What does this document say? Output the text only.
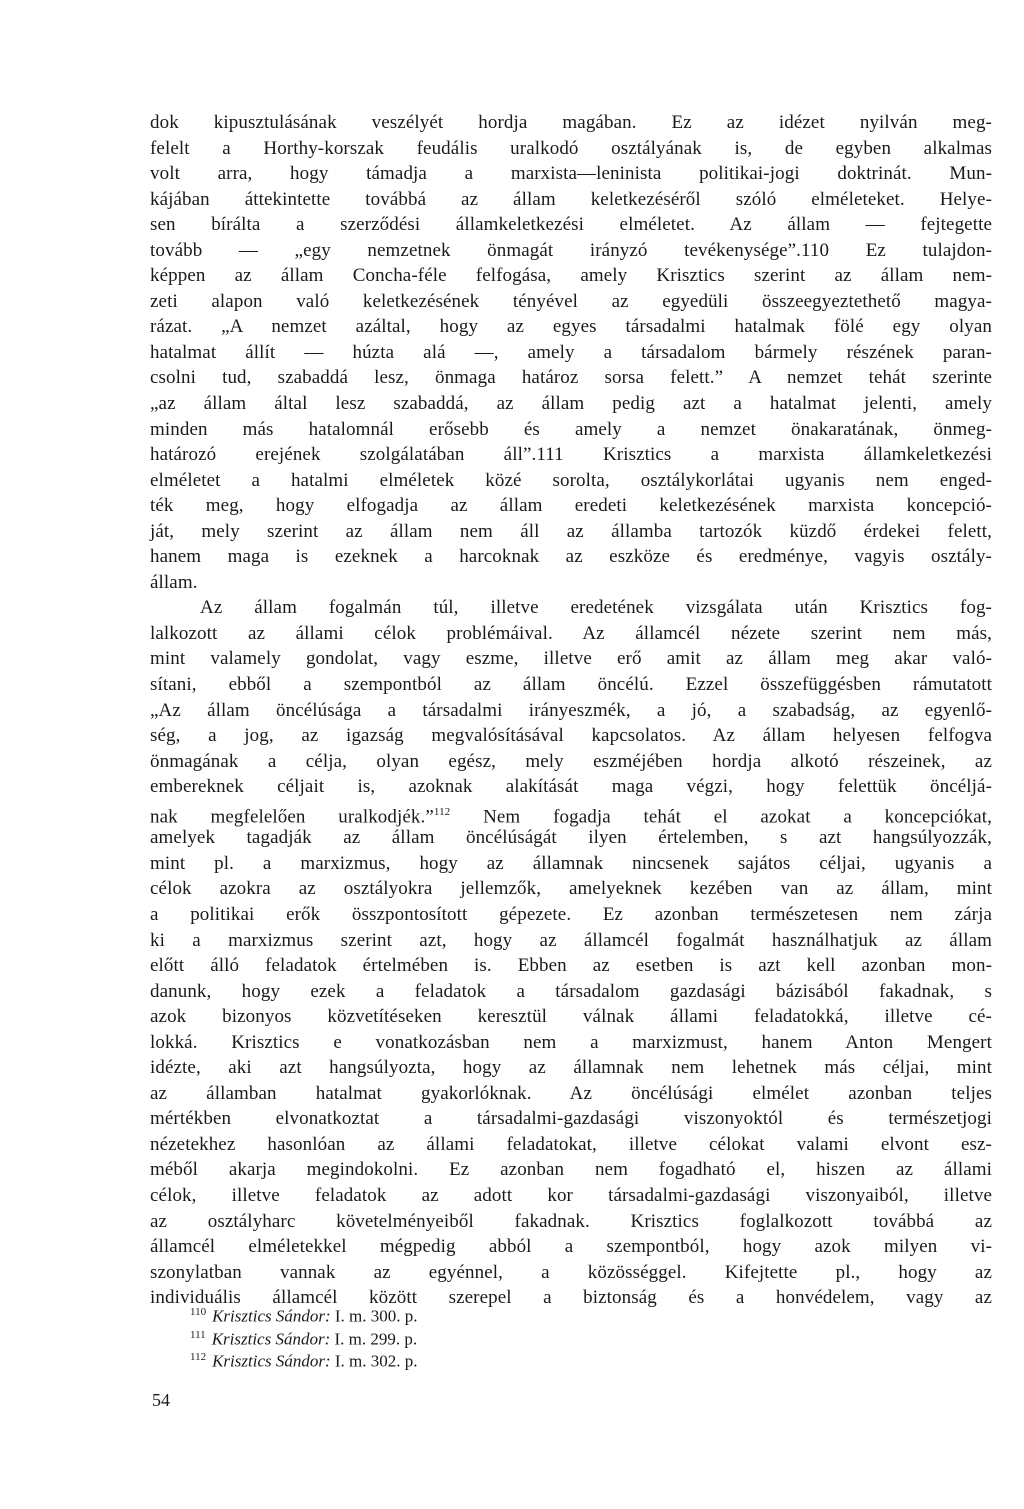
dok kipusztulásának veszélyét hordja magában. Ez az idézet nyilván meg-
felelt a Horthy-korszak feudális uralkodó osztályának is, de egyben alkalmas
volt arra, hogy támadja a marxista—leninista politikai-jogi doktrinát. Mun-
kájában áttekintette továbbá az állam keletkezéséről szóló elméleteket. Helye-
sen bírálta a szerződési államkeletkezési elméletet. Az állam — fejtegette
tovább — „egy nemzetnek önmagát irányzó tevékenysége”.110 Ez tulajdon-
képpen az állam Concha-féle felfogása, amely Krisztics szerint az állam nem-
zeti alapon való keletkezésének tényével az egyedüli összeegyeztethető magya-
rázat. „A nemzet azáltal, hogy az egyes társadalmi hatalmak fölé egy olyan
hatalmat állít — húzta alá —, amely a társadalom bármely részének paran-
csolni tud, szabaddá lesz, önmaga határoz sorsa felett.” A nemzet tehát szerinte
„az állam által lesz szabaddá, az állam pedig azt a hatalmat jelenti, amely
minden más hatalomnál erősebb és amely a nemzet önakaratának, önmeg-
határozó erejének szolgálatában áll”.111 Krisztics a marxista államkeletkezési
elméletet a hatalmi elméletek közé sorolta, osztálykorlátai ugyanis nem enged-
ték meg, hogy elfogadja az állam eredeti keletkezésének marxista koncepció-
ját, mely szerint az állam nem áll az államba tartozók küzdő érdekei felett,
hanem maga is ezeknek a harcoknak az eszköze és eredménye, vagyis osztály-
állam.
Az állam fogalmán túl, illetve eredetének vizsgálata után Krisztics fog-
lalkozott az állami célok problémáival. Az államcél nézete szerint nem más,
mint valamely gondolat, vagy eszme, illetve erő amit az állam meg akar való-
sítani, ebből a szempontból az állam öncélú. Ezzel összefüggésben rámutatott
„Az állam öncélúsága a társadalmi irányeszmék, a jó, a szabadság, az egyenlő-
ség, a jog, az igazság megvalósításával kapcsolatos. Az állam helyesen felfogva
önmagának a célja, olyan egész, mely eszméjében hordja alkotó részeinek, az
embereknek céljait is, azoknak alakítását maga végzi, hogy felettük öncéljá-
nak megfelelően uralkodjék.”$^{112}$ Nem fogadja tehát el azokat a koncepciókat,
amelyek tagadják az állam öncélúságát ilyen értelemben, s azt hangsúlyozzák,
mint pl. a marxizmus, hogy az államnak nincsenek sajátos céljai, ugyanis a
célok azokra az osztályokra jellemzők, amelyeknek kezében van az állam, mint
a politikai erők összpontosított gépezete. Ez azonban természetesen nem zárja
ki a marxizmus szerint azt, hogy az államcél fogalmát használhatjuk az állam
előtt álló feladatok értelmében is. Ebben az esetben is azt kell azonban mon-
danunk, hogy ezek a feladatok a társadalom gazdasági bázisából fakadnak, s
azok bizonyos közvetítéseken keresztül válnak állami feladatokká, illetve cé-
lokká. Krisztics e vonatkozásban nem a marxizmust, hanem Anton Mengert
idézte, aki azt hangsúlyozta, hogy az államnak nem lehetnek más céljai, mint
az államban hatalmat gyakorlóknak. Az öncélúsági elmélet azonban teljes
mértékben elvonatkoztat a társadalmi-gazdasági viszonyoktól és természetjogi
nézetekhez hasonlóan az állami feladatokat, illetve célokat valami elvont esz-
méből akarja megindokolni. Ez azonban nem fogadható el, hiszen az állami
célok, illetve feladatok az adott kor társadalmi-gazdasági viszonyaiból, illetve
az osztályharc követelményeiből fakadnak. Krisztics foglalkozott továbbá az
államcél elméletekkel mégpedig abból a szempontból, hogy azok milyen vi-
szonylatban vannak az egyénnel, a közösséggel. Kifejtette pl., hogy az
individuális államcél között szerepel a biztonság és a honvédelem, vagy az
$^{110}$ Krisztics Sándor: I. m. 300. p.
$^{111}$ Krisztics Sándor: I. m. 299. p.
$^{112}$ Krisztics Sándor: I. m. 302. p.
54
